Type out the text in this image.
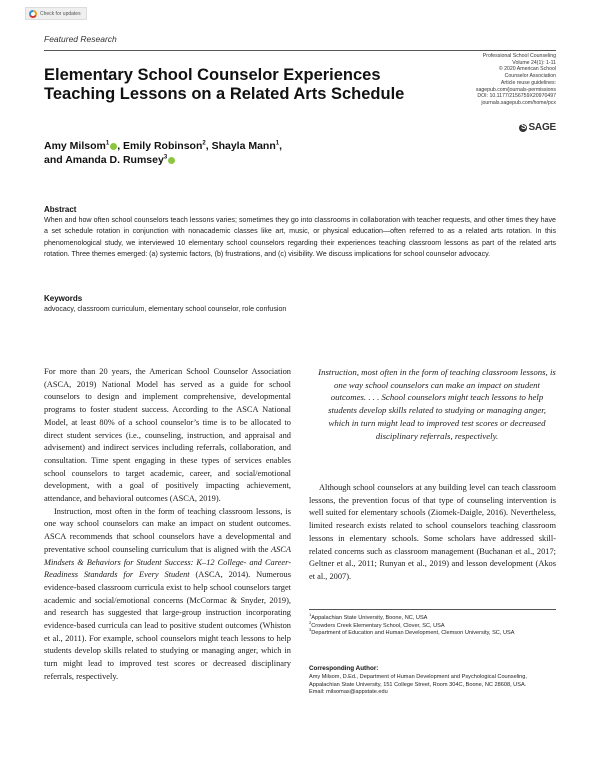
Check for updates
Featured Research
Professional School Counseling
Volume 24(1): 1-11
© 2020 American School
Counselor Association
Article reuse guidelines:
sagepub.com/journals-permissions
DOI: 10.1177/2156759X20970497
journals.sagepub.com/home/pcx
S
SAGE
Elementary School Counselor Experiences
Teaching Lessons on a Related Arts Schedule
Amy Milsom$^1$ , Emily Robinson$^2$, Shayla Mann$^1$,
and Amanda D. Rumsey$^3$
Abstract
When and how often school counselors teach lessons varies; sometimes they go into classrooms in collaboration with teacher requests, and other times they have a set schedule rotation in conjunction with nonacademic classes like art, music, or physical education—often referred to as a related arts rotation. In this phenomenological study, we interviewed 10 elementary school counselors regarding their experiences teaching classroom lessons as part of the related arts rotation. Three themes emerged: (a) systemic factors, (b) frustrations, and (c) visibility. We discuss implications for school counselor advocacy.
Keywords
advocacy, classroom curriculum, elementary school counselor, role confusion

For more than 20 years, the American School Counselor Association (ASCA, 2019) National Model has served as a guide for school counselors to design and implement comprehensive, developmental programs to foster student success. According to the ASCA National Model, at least 80% of a school counselor’s time is to be allocated to direct student services (i.e., counseling, instruction, and appraisal and advisement) and indirect services including referrals, collaboration, and consultation. Time spent engaging in these types of services enables school counselors to target academic, career, and social/emotional development, with a goal of positively impacting achievement, attendance, and behavioral outcomes (ASCA, 2019).

Instruction, most often in the form of teaching classroom lessons, is one way school counselors can make an impact on student outcomes. ASCA recommends that school counselors have a developmental and preventative school counseling curriculum that is aligned with the ASCA Mindsets & Behaviors for Student Success: K–12 College- and Career-Readiness Standards for Every Student (ASCA, 2014). Numerous evidence-based classroom curricula exist to help school counselors target academic and social/emotional concerns (McCormac & Snyder, 2019), and research has suggested that large-group instruction incorporating evidence-based curricula can lead to positive student outcomes (Whiston et al., 2011). For example, school counselors might teach lessons to help students develop skills related to studying or managing anger, which in turn might lead to improved test scores or decreased disciplinary referrals, respectively.

Instruction, most often in the form of teaching classroom lessons, is one way school counselors can make an impact on student outcomes. . . . School counselors might teach lessons to help students develop skills related to studying or managing anger, which in turn might lead to improved test scores or decreased disciplinary referrals, respectively.
Although school counselors at any building level can teach classroom lessons, the prevention focus of that type of counseling intervention is well suited for elementary schools (Ziomek-Daigle, 2016). Nevertheless, limited research exists related to school counselors teaching classroom lessons in elementary schools. Some scholars have addressed skill-related concerns such as classroom management (Buchanan et al., 2017; Geltner et al., 2011; Runyan et al., 2019) and lesson development (Akos et al., 2007).
$^1$Appalachian State University, Boone, NC, USA
$^2$Crowders Creek Elementary School, Clover, SC, USA
$^3$Department of Education and Human Development, Clemson University, SC, USA
Corresponding Author:
Amy Milsom, D.Ed., Department of Human Development and Psychological Counseling, Appalachian State University, 151 College Street, Room 304C, Boone, NC 28608, USA.
Email: milsomas@appstate.edu
